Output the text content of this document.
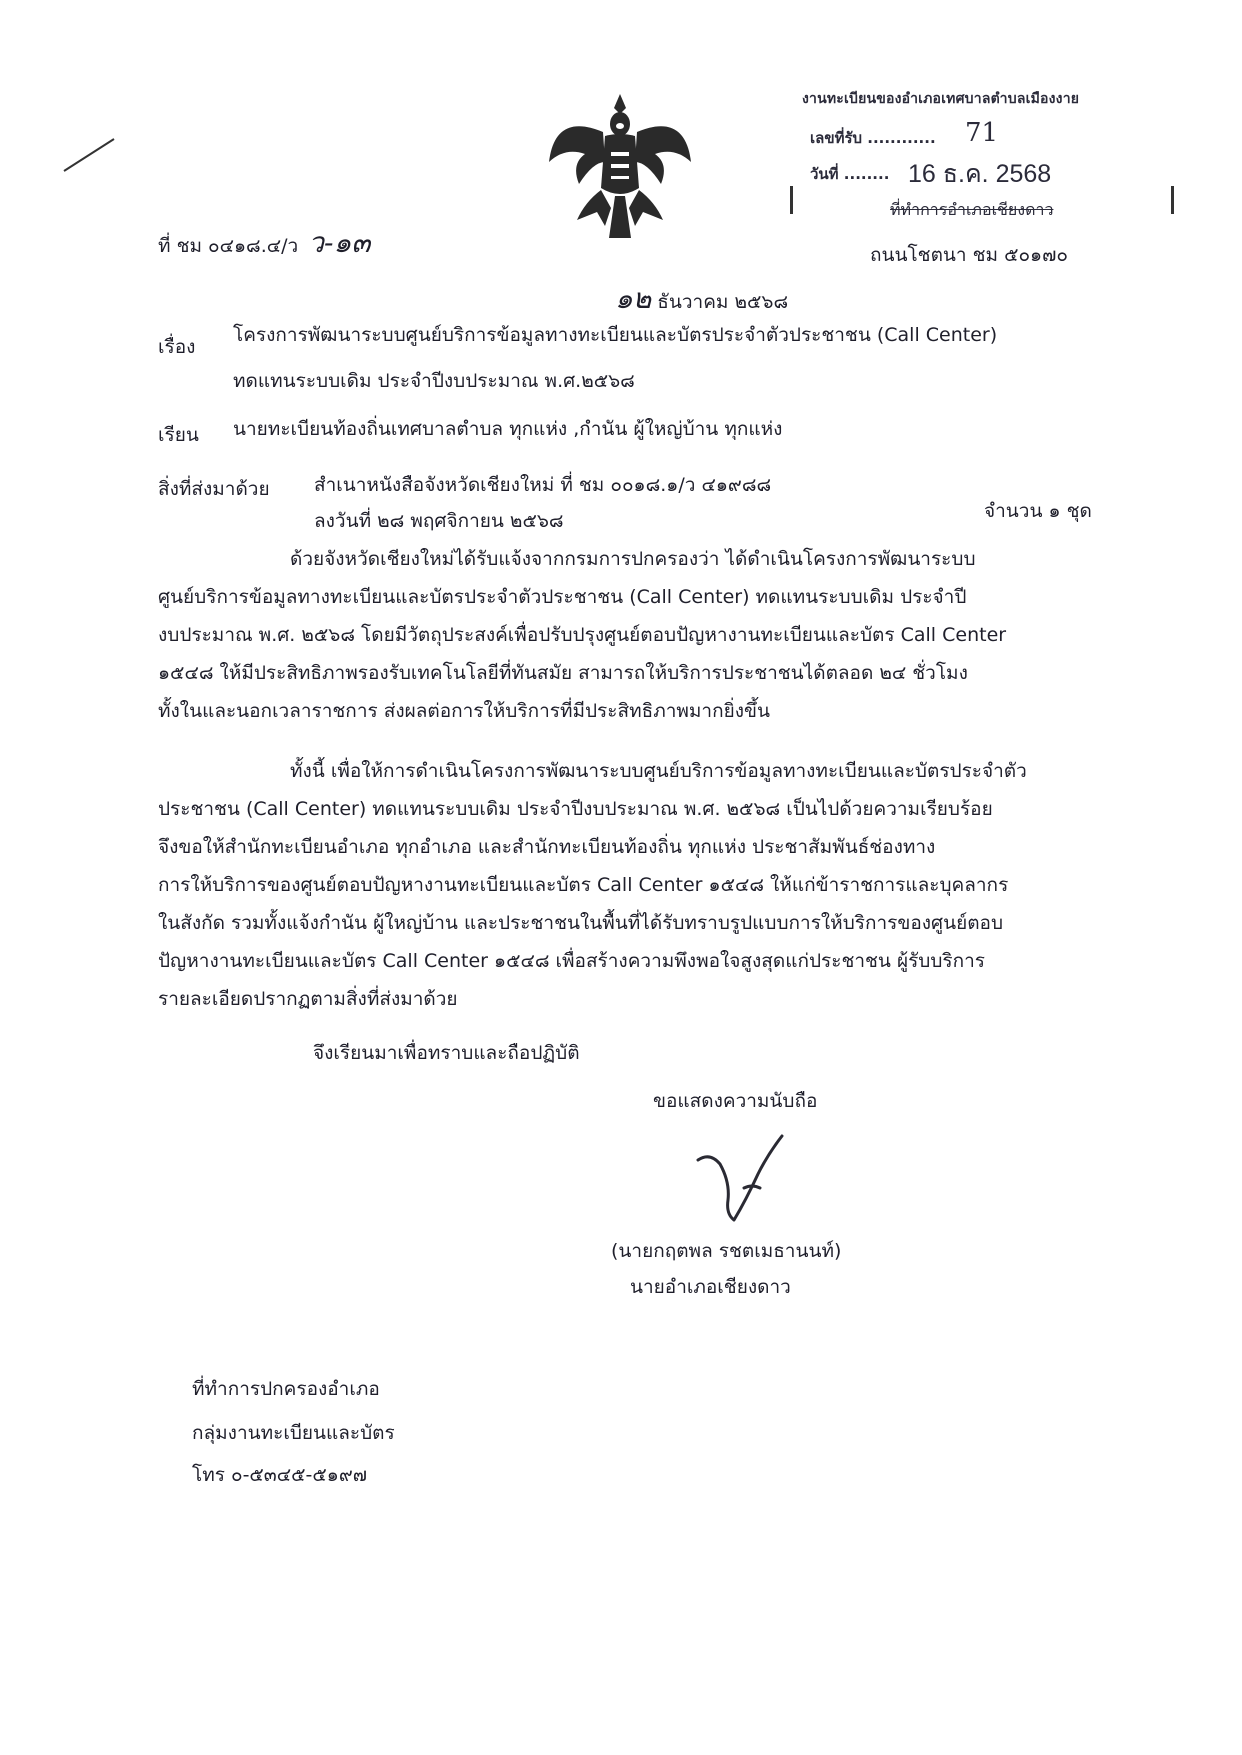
งานทะเบียนของอำเภอเทศบาลตำบลเมืองงาย
เลขที่รับ ............ 71
วันที่ ........ 16 ธ.ค. 2568
ที่ทำการอำเภอเชียงดาว
ที่ ชม ๐๔๑๘.๔/ว ว-๑๓	ถนนโชตนา ชม ๕๐๑๗๐
๑๒ ธันวาคม ๒๕๖๘
เรื่อง
โครงการพัฒนาระบบศูนย์บริการข้อมูลทางทะเบียนและบัตรประจำตัวประชาชน (Call Center)
ทดแทนระบบเดิม ประจำปีงบประมาณ พ.ศ.๒๕๖๘
เรียน นายทะเบียนท้องถิ่นเทศบาลตำบล ทุกแห่ง ,กำนัน ผู้ใหญ่บ้าน ทุกแห่ง
สิ่งที่ส่งมาด้วย สำเนาหนังสือจังหวัดเชียงใหม่ ที่ ชม ๐๐๑๘.๑/ว ๔๑๙๘๘
ลงวันที่ ๒๘ พฤศจิกายน ๒๕๖๘	จำนวน ๑ ชุด
ด้วยจังหวัดเชียงใหม่ได้รับแจ้งจากกรมการปกครองว่า ได้ดำเนินโครงการพัฒนาระบบ
ศูนย์บริการข้อมูลทางทะเบียนและบัตรประจำตัวประชาชน (Call Center) ทดแทนระบบเดิม ประจำปี
งบประมาณ พ.ศ. ๒๕๖๘ โดยมีวัตถุประสงค์เพื่อปรับปรุงศูนย์ตอบปัญหางานทะเบียนและบัตร Call Center
๑๕๔๘ ให้มีประสิทธิภาพรองรับเทคโนโลยีที่ทันสมัย สามารถให้บริการประชาชนได้ตลอด ๒๔ ชั่วโมง
ทั้งในและนอกเวลาราชการ ส่งผลต่อการให้บริการที่มีประสิทธิภาพมากยิ่งขึ้น
ทั้งนี้ เพื่อให้การดำเนินโครงการพัฒนาระบบศูนย์บริการข้อมูลทางทะเบียนและบัตรประจำตัว
ประชาชน (Call Center) ทดแทนระบบเดิม ประจำปีงบประมาณ พ.ศ. ๒๕๖๘ เป็นไปด้วยความเรียบร้อย
จึงขอให้สำนักทะเบียนอำเภอ ทุกอำเภอ และสำนักทะเบียนท้องถิ่น ทุกแห่ง ประชาสัมพันธ์ช่องทาง
การให้บริการของศูนย์ตอบปัญหางานทะเบียนและบัตร Call Center ๑๕๔๘ ให้แก่ข้าราชการและบุคลากร
ในสังกัด รวมทั้งแจ้งกำนัน ผู้ใหญ่บ้าน และประชาชนในพื้นที่ได้รับทราบรูปแบบการให้บริการของศูนย์ตอบ
ปัญหางานทะเบียนและบัตร Call Center ๑๕๔๘ เพื่อสร้างความพึงพอใจสูงสุดแก่ประชาชน ผู้รับบริการ
รายละเอียดปรากฏตามสิ่งที่ส่งมาด้วย
จึงเรียนมาเพื่อทราบและถือปฏิบัติ
ขอแสดงความนับถือ
(นายกฤตพล รชตเมธานนท์)
นายอำเภอเชียงดาว
ที่ทำการปกครองอำเภอ
กลุ่มงานทะเบียนและบัตร
โทร ๐-๕๓๔๕-๕๑๙๗
